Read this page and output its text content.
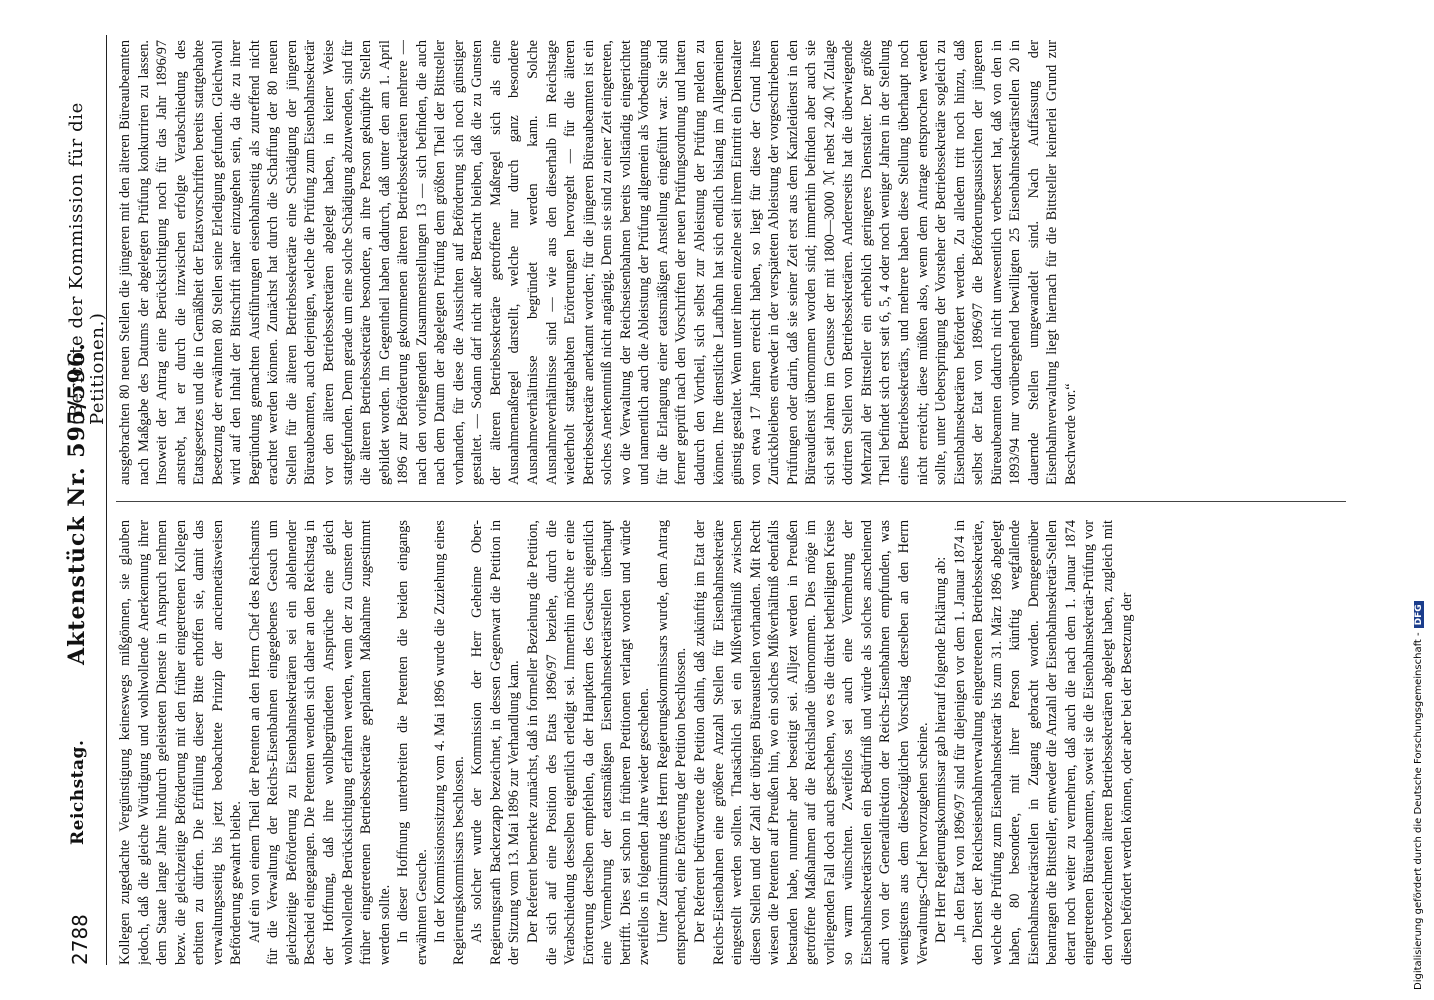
2788
Reichstag.
Aktenstück Nr. 595/596.
(Berichte der Kommission für die Petitionen.)

Kollegen zugedachte Vergünstigung keineswegs mißgönnen, sie glauben jedoch, daß die gleiche Würdigung und wohlwollende Anerkennung ihrer dem Staate lange Jahre hindurch geleisteten Dienste in Anspruch nehmen bezw. die gleichzeitige Beförderung mit den früher eingetretenen Kollegen erbitten zu dürfen. Die Erfüllung dieser Bitte erhoffen sie, damit das verwaltungsseitig bis jetzt beobachtete Prinzip der anciennetätsweisen Beförderung gewahrt bleibe. Auf ein von einem Theil der Petenten an den Herrn Chef des Reichsamts für die Verwaltung der Reichs-Eisenbahnen eingegebenes Gesuch um gleichzeitige Beförderung zu Eisenbahnsekretären sei ein ablehnender Bescheid eingegangen. Die Petenten wenden sich daher an den Reichstag in der Hoffnung, daß ihre wohlbegründeten Ansprüche eine gleich wohlwollende Berücksichtigung erfahren werden, wenn der zu Gunsten der früher eingetretenen Betriebssekretäre geplanten Maßnahme zugestimmt werden sollte. In dieser Hoffnung unterbreiten die Petenten die beiden eingangs erwähnten Gesuche. In der Kommissionssitzung vom 4. Mai 1896 wurde die Zuziehung eines Regierungskommissars beschlossen. Als solcher wurde der Kommission der Herr Geheime Ober-Regierungsrath Backerzapp bezeichnet, in dessen Gegenwart die Petition in der Sitzung vom 13. Mai 1896 zur Verhandlung kam. Der Referent bemerkte zunächst, daß in formeller Beziehung die Petition, die sich auf eine Position des Etats 1896/97 beziehe, durch die Verabschiedung desselben eigentlich erledigt sei. Immerhin möchte er eine Erörterung derselben empfehlen, da der Hauptkern des Gesuchs eigentlich eine Vermehrung der etatsmäßigen Eisenbahnsekretärstellen überhaupt betrifft. Dies sei schon in früheren Petitionen verlangt worden und würde zweifellos in folgenden Jahre wieder geschehen. Unter Zustimmung des Herrn Regierungskommissars wurde, dem Antrag entsprechend, eine Erörterung der Petition beschlossen. Der Referent befürwortete die Petition dahin, daß zukünftig im Etat der Reichs-Eisenbahnen eine größere Anzahl Stellen für Eisenbahnsekretäre eingestellt werden sollten. Thatsächlich sei ein Mißverhältniß zwischen diesen Stellen und der Zahl der übrigen Büreaustellen vorhanden. Mit Recht wiesen die Petenten auf Preußen hin, wo ein solches Mißverhältniß ebenfalls bestanden habe, nunmehr aber beseitigt sei. Alljezt werden in Preußen getroffene Maßnahmen auf die Reichslande übernommen. Dies möge im vorliegenden Fall doch auch geschehen, wo es die direkt betheiligten Kreise so warm wünschten. Zweifellos sei auch eine Vermehrung der Eisenbahnsekretärstellen ein Bedürfniß und würde als solches anscheinend auch von der Generaldirektion der Reichs-Eisenbahnen empfunden, was wenigstens aus dem diesbezüglichen Vorschlag derselben an den Herrn Verwaltungs-Chef hervorzugehen scheine. Der Herr Regierungskommissar gab hierauf folgende Erklärung ab: „In den Etat von 1896/97 sind für diejenigen vor dem 1. Januar 1874 in den Dienst der Reichseisenbahnverwaltung eingetretenen Betriebssekretäre, welche die Prüfung zum Eisenbahnsekretär bis zum 31. März 1896 abgelegt haben, 80 besondere, mit ihrer Person künftig wegfallende Eisenbahnsekretärstellen in Zugang gebracht worden. Demgegenüber beantragen die Bittsteller, entweder die Anzahl der Eisenbahnsekretär-Stellen derart noch weiter zu vermehren, daß auch die nach dem 1. Januar 1874 eingetretenen Büreaubeamten, soweit sie die Eisenbahnsekretär-Prüfung vor den vorbezeichneten älteren Betriebssekretären abgelegt haben, zugleich mit diesen befördert werden können, oder aber bei der Besetzung der

ausgebrachten 80 neuen Stellen die jüngeren mit den älteren Büreaubeamten nach Maßgabe des Datums der abgelegten Prüfung konkurriren zu lassen. Insoweit der Antrag eine Berücksichtigung noch für das Jahr 1896/97 anstrebt, hat er durch die inzwischen erfolgte Verabschiedung des Etatsgesetzes und die in Gemäßheit der Etatsvorschriften bereits stattgehabte Besetzung der erwähnten 80 Stellen seine Erledigung gefunden. Gleichwohl wird auf den Inhalt der Bittschrift näher einzugehen sein, da die zu ihrer Begründung gemachten Ausführungen eisenbahnseitig als zutreffend nicht erachtet werden können. Zunächst hat durch die Schaffung der 80 neuen Stellen für die älteren Betriebssekretäre eine Schädigung der jüngeren Büreaubeamten, auch derjenigen, welche die Prüfung zum Eisenbahnsekretär vor den älteren Betriebssekretären abgelegt haben, in keiner Weise stattgefunden. Denn gerade um eine solche Schädigung abzuwenden, sind für die älteren Betriebssekretäre besondere, an ihre Person geknüpfte Stellen gebildet worden. Im Gegentheil haben dadurch, daß unter den am 1. April 1896 zur Beförderung gekommenen älteren Betriebssekretären mehrere — nach den vorliegenden Zusammenstellungen 13 — sich befinden, die auch nach dem Datum der abgelegten Prüfung dem größten Theil der Bittsteller vorhanden, für diese die Aussichten auf Beförderung sich noch günstiger gestaltet. — Sodann darf nicht außer Betracht bleiben, daß die zu Gunsten der älteren Betriebssekretäre getroffene Maßregel sich als eine Ausnahmemaßregel darstellt, welche nur durch ganz besondere Ausnahmeverhältnisse begründet werden kann. Solche Ausnahmeverhältnisse sind — wie aus den dieserhalb im Reichstage wiederholt stattgehabten Erörterungen hervorgeht — für die älteren Betriebssekretäre anerkannt worden; für die jüngeren Büreaubeamten ist ein solches Anerkenntniß nicht angängig. Denn sie sind zu einer Zeit eingetreten, wo die Verwaltung der Reichseisenbahnen bereits vollständig eingerichtet und namentlich auch die Ableistung der Prüfung allgemein als Vorbedingung für die Erlangung einer etatsmäßigen Anstellung eingeführt war. Sie sind ferner geprüft nach den Vorschriften der neuen Prüfungsordnung und hatten dadurch den Vortheil, sich selbst zur Ableistung der Prüfung melden zu können. Ihre dienstliche Laufbahn hat sich endlich bislang im Allgemeinen günstig gestaltet. Wenn unter ihnen einzelne seit ihrem Eintritt ein Dienstalter von etwa 17 Jahren erreicht haben, so liegt für diese der Grund ihres Zurückbleibens entweder in der verspäteten Ableistung der vorgeschriebenen Prüfungen oder darin, daß sie seiner Zeit erst aus dem Kanzleidienst in den Büreaudienst übernommen worden sind; immerhin befinden aber auch sie sich seit Jahren im Genusse der mit 1800—3000 ℳ nebst 240 ℳ Zulage dotirten Stellen von Betriebssekretären. Andererseits hat die überwiegende Mehrzahl der Bittsteller ein erheblich geringeres Dienstalter. Der größte Theil befindet sich erst seit 6, 5, 4 oder noch weniger Jahren in der Stellung eines Betriebssekretärs, und mehrere haben diese Stellung überhaupt noch nicht erreicht; diese müßten also, wenn dem Antrage entsprochen werden sollte, unter Ueberspringung der Vorsteher der Betriebssekretäre sogleich zu Eisenbahnsekretären befördert werden. Zu alledem tritt noch hinzu, daß selbst der Etat von 1896/97 die Beförderungsaussichten der jüngeren Büreaubeamten dadurch nicht unwesentlich verbessert hat, daß von den in 1893/94 nur vorübergehend bewilligten 25 Eisenbahnsekretärstellen 20 in dauernde Stellen umgewandelt sind. Nach Auffassung der Eisenbahnverwaltung liegt hiernach für die Bittsteller keinerlei Grund zur Beschwerde vor.“

Digitalisierung gefördert durch die Deutsche Forschungsgemeinschaft -DFG
